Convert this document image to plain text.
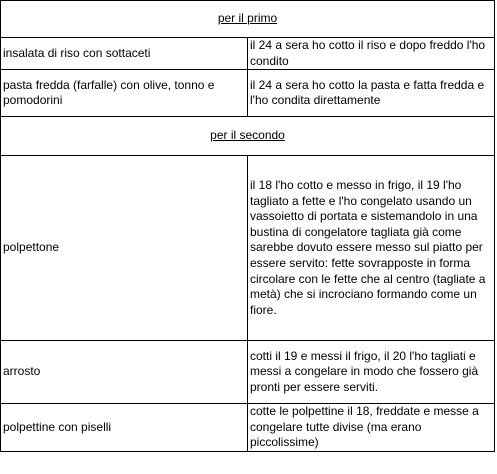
per il primo	
insalata di riso con sottaceti	il 24 a sera ho cotto il riso e dopo freddo l'ho condito
pasta fredda (farfalle) con olive, tonno e pomodorini	il 24 a sera ho cotto la pasta e fatta fredda e l'ho condita direttamente
per il secondo	
polpettone	il 18 l'ho cotto e messo in frigo, il 19 l'ho tagliato a fette e l'ho congelato usando un vassoietto di portata e sistemandolo in una bustina di congelatore tagliata già come sarebbe dovuto essere messo sul piatto per essere servito: fette sovrapposte in forma circolare con le fette che al centro (tagliate a metà) che si incrociano formando come un fiore.
arrosto	cotti il 19 e messi il frigo, il 20 l'ho tagliati e messi a congelare in modo che fossero già pronti per essere serviti.
polpettine con piselli	cotte le polpettine il 18, freddate e messe a congelare tutte divise (ma erano piccolissime)
